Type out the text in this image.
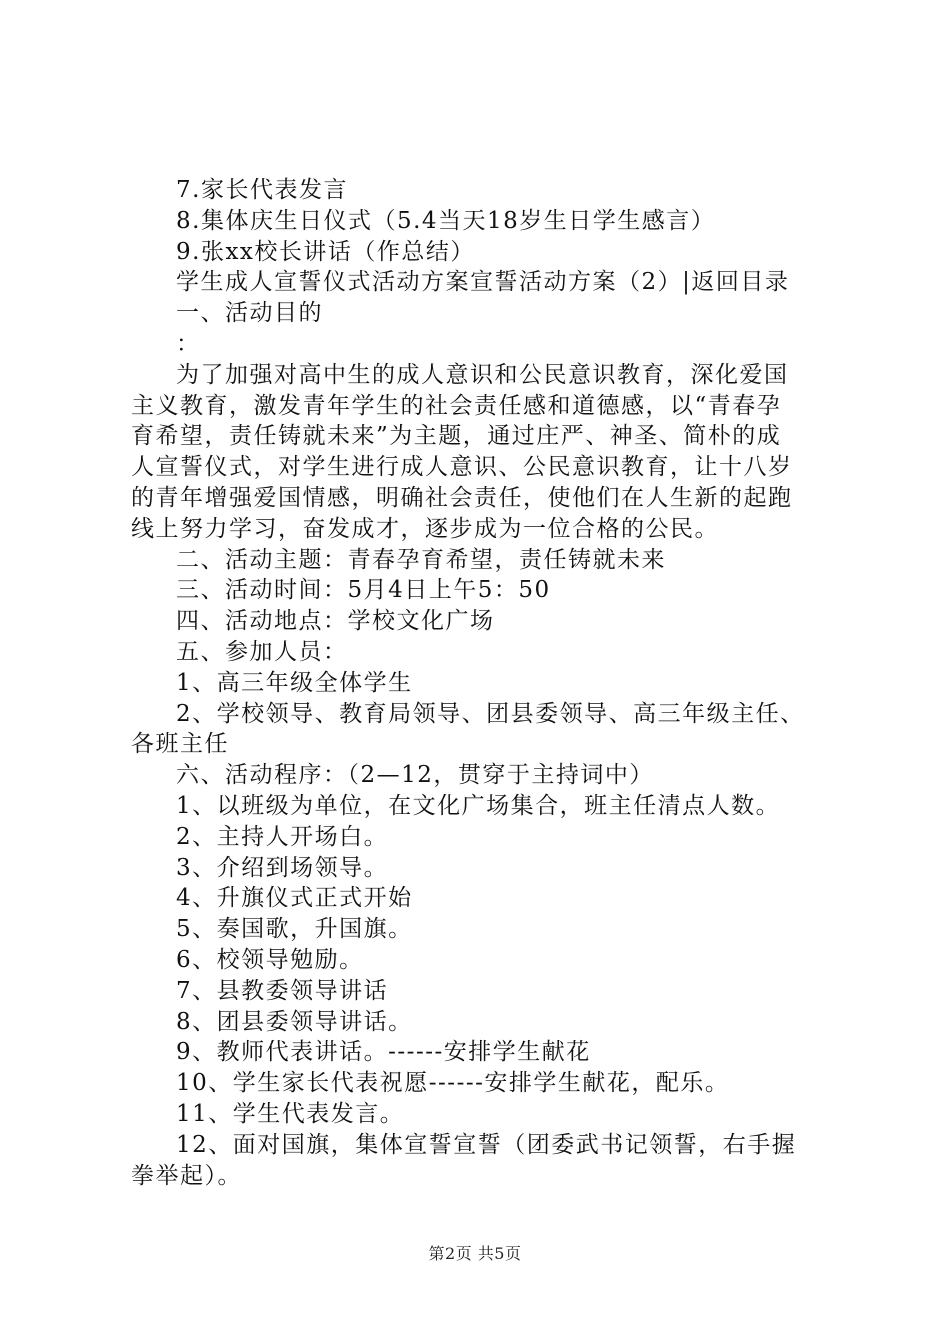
7.家长代表发言
8.集体庆生日仪式（5.4当天18岁生日学生感言）
9.张xx校长讲话（作总结）
学生成人宣誓仪式活动方案宣誓活动方案（2）|返回目录
一、活动目的
：
为了加强对高中生的成人意识和公民意识教育，深化爱国
主义教育，激发青年学生的社会责任感和道德感，以“青春孕
育希望，责任铸就未来”为主题，通过庄严、神圣、简朴的成
人宣誓仪式，对学生进行成人意识、公民意识教育，让十八岁
的青年增强爱国情感，明确社会责任，使他们在人生新的起跑
线上努力学习，奋发成才，逐步成为一位合格的公民。
二、活动主题：青春孕育希望，责任铸就未来
三、活动时间：5月4日上午5：50
四、活动地点：学校文化广场
五、参加人员：
1、高三年级全体学生
2、学校领导、教育局领导、团县委领导、高三年级主任、
各班主任
六、活动程序：（2—12，贯穿于主持词中）
1、以班级为单位，在文化广场集合，班主任清点人数。
2、主持人开场白。
3、介绍到场领导。
4、升旗仪式正式开始
5、奏国歌，升国旗。
6、校领导勉励。
7、县教委领导讲话
8、团县委领导讲话。
9、教师代表讲话。------安排学生献花
10、学生家长代表祝愿------安排学生献花，配乐。
11、学生代表发言。
12、面对国旗，集体宣誓宣誓（团委武书记领誓，右手握
拳举起）。
第2页 共5页
